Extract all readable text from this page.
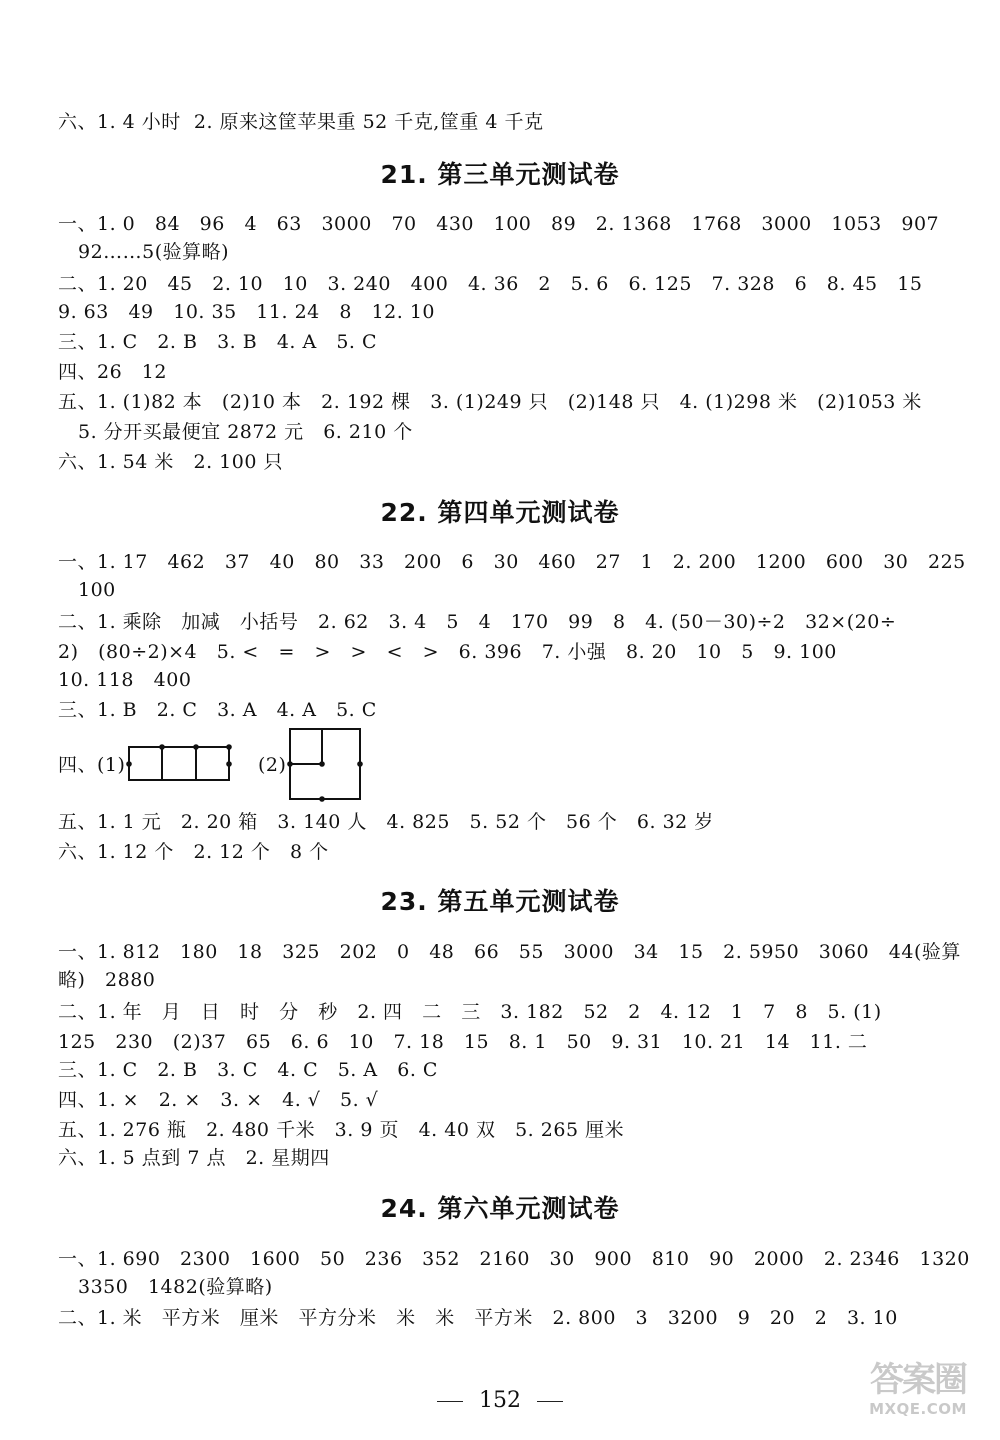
六、1. 4 小时  2. 原来这筐苹果重 52 千克,筐重 4 千克
21. 第三单元测试卷
一、1. 0   84   96   4   63   3000   70   430   100   89   2. 1368   1768   3000   1053   907
92……5(验算略)
二、1. 20   45   2. 10   10   3. 240   400   4. 36   2   5. 6   6. 125   7. 328   6   8. 45   15
9. 63   49   10. 35   11. 24   8   12. 10
三、1. C   2. B   3. B   4. A   5. C
四、26   12
五、1. (1)82 本   (2)10 本   2. 192 棵   3. (1)249 只   (2)148 只   4. (1)298 米   (2)1053 米
5. 分开买最便宜 2872 元   6. 210 个
六、1. 54 米   2. 100 只
22. 第四单元测试卷
一、1. 17   462   37   40   80   33   200   6   30   460   27   1   2. 200   1200   600   30   225
100
二、1. 乘除   加减   小括号   2. 62   3. 4   5   4   170   99   8   4. (50－30)÷2   32×(20÷
2)   (80÷2)×4   5. <   =   >   >   <   >   6. 396   7. 小强   8. 20   10   5   9. 100
10. 118   400
三、1. B   2. C   3. A   4. A   5. C
四、(1)	(2)
五、1. 1 元   2. 20 箱   3. 140 人   4. 825   5. 52 个   56 个   6. 32 岁
六、1. 12 个   2. 12 个   8 个
23. 第五单元测试卷
一、1. 812   180   18   325   202   0   48   66   55   3000   34   15   2. 5950   3060   44(验算
略)   2880
二、1. 年   月   日   时   分   秒   2. 四   二   三   3. 182   52   2   4. 12   1   7   8   5. (1)
125   230   (2)37   65   6. 6   10   7. 18   15   8. 1   50   9. 31   10. 21   14   11. 二
三、1. C   2. B   3. C   4. C   5. A   6. C
四、1. ×   2. ×   3. ×   4. √   5. √
五、1. 276 瓶   2. 480 千米   3. 9 页   4. 40 双   5. 265 厘米
六、1. 5 点到 7 点   2. 星期四
24. 第六单元测试卷
一、1. 690   2300   1600   50   236   352   2160   30   900   810   90   2000   2. 2346   1320
3350   1482(验算略)
二、1. 米   平方米   厘米   平方分米   米   米   平方米   2. 800   3   3200   9   20   2   3. 10
152
答案圈
MXQE.COM
